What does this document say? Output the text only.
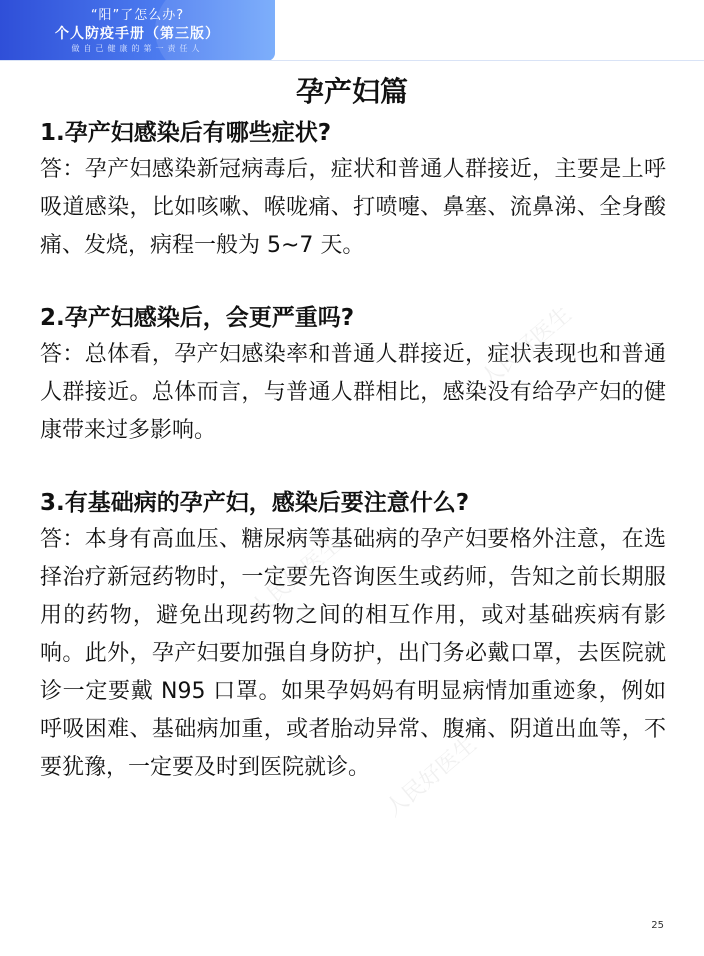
“阳”了怎么办?
个人防疫手册（第三版）
做自己健康的第一责任人
孕产妇篇
1.孕产妇感染后有哪些症状?
答：孕产妇感染新冠病毒后，症状和普通人群接近，主要是上呼吸道感染，比如咳嗽、喉咙痛、打喷嚏、鼻塞、流鼻涕、全身酸痛、发烧，病程一般为 5~7 天。
2.孕产妇感染后，会更严重吗?
答：总体看，孕产妇感染率和普通人群接近，症状表现也和普通人群接近。总体而言，与普通人群相比，感染没有给孕产妇的健康带来过多影响。
3.有基础病的孕产妇，感染后要注意什么?
答：本身有高血压、糖尿病等基础病的孕产妇要格外注意，在选择治疗新冠药物时，一定要先咨询医生或药师，告知之前长期服用的药物，避免出现药物之间的相互作用，或对基础疾病有影响。此外，孕产妇要加强自身防护，出门务必戴口罩，去医院就诊一定要戴 N95 口罩。如果孕妈妈有明显病情加重迹象，例如呼吸困难、基础病加重，或者胎动异常、腹痛、阴道出血等，不要犹豫，一定要及时到医院就诊。
人民好医生
人民好医生
人民好医生
25
